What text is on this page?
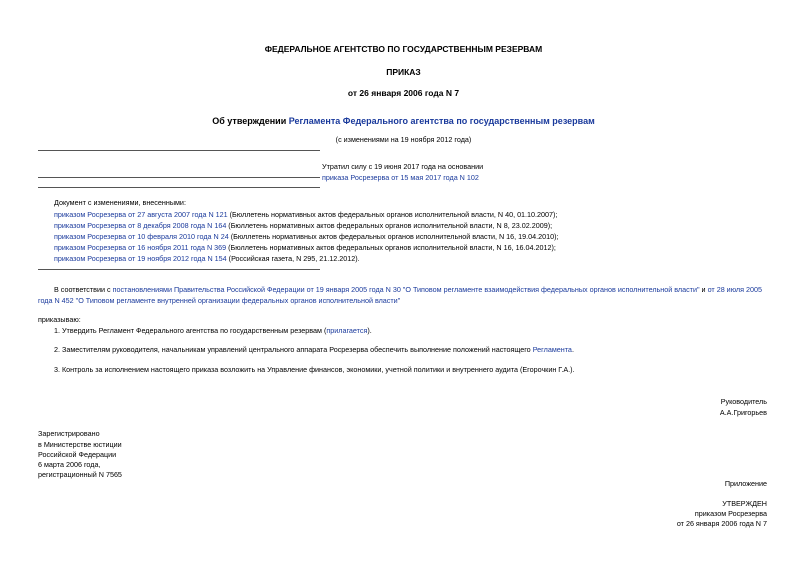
ФЕДЕРАЛЬНОЕ АГЕНТСТВО ПО ГОСУДАРСТВЕННЫМ РЕЗЕРВАМ
ПРИКАЗ
от 26 января 2006 года N 7
Об утверждении Регламента Федерального агентства по государственным резервам
(с изменениями на 19 ноября 2012 года)
Утратил силу с 19 июня 2017 года на основании
приказа Росрезерва от 15 мая 2017 года N 102
Документ с изменениями, внесенными:
приказом Росрезерва от 27 августа 2007 года N 121 (Бюллетень нормативных актов федеральных органов исполнительной власти, N 40, 01.10.2007);
приказом Росрезерва от 8 декабря 2008 года N 164 (Бюллетень нормативных актов федеральных органов исполнительной власти, N 8, 23.02.2009);
приказом Росрезерва от 10 февраля 2010 года N 24 (Бюллетень нормативных актов федеральных органов исполнительной власти, N 16, 19.04.2010);
приказом Росрезерва от 16 ноября 2011 года N 369 (Бюллетень нормативных актов федеральных органов исполнительной власти, N 16, 16.04.2012);
приказом Росрезерва от 19 ноября 2012 года N 154 (Российская газета, N 295, 21.12.2012).
В соответствии с постановлениями Правительства Российской Федерации от 19 января 2005 года N 30 "О Типовом регламенте взаимодействия федеральных органов исполнительной власти" и от 28 июля 2005
года N 452 "О Типовом регламенте внутренней организации федеральных органов исполнительной власти"
приказываю:
1. Утвердить Регламент Федерального агентства по государственным резервам (прилагается).
2. Заместителям руководителя, начальникам управлений центрального аппарата Росрезерва обеспечить выполнение положений настоящего Регламента.
3. Контроль за исполнением настоящего приказа возложить на Управление финансов, экономики, учетной политики и внутреннего аудита (Егорочкин Г.А.).
Руководитель
А.А.Григорьев
Зарегистрировано
в Министерстве юстиции
Российской Федерации
6 марта 2006 года,
регистрационный N 7565
Приложение
УТВЕРЖДЕН
приказом Росрезерва
от 26 января 2006 года N 7
